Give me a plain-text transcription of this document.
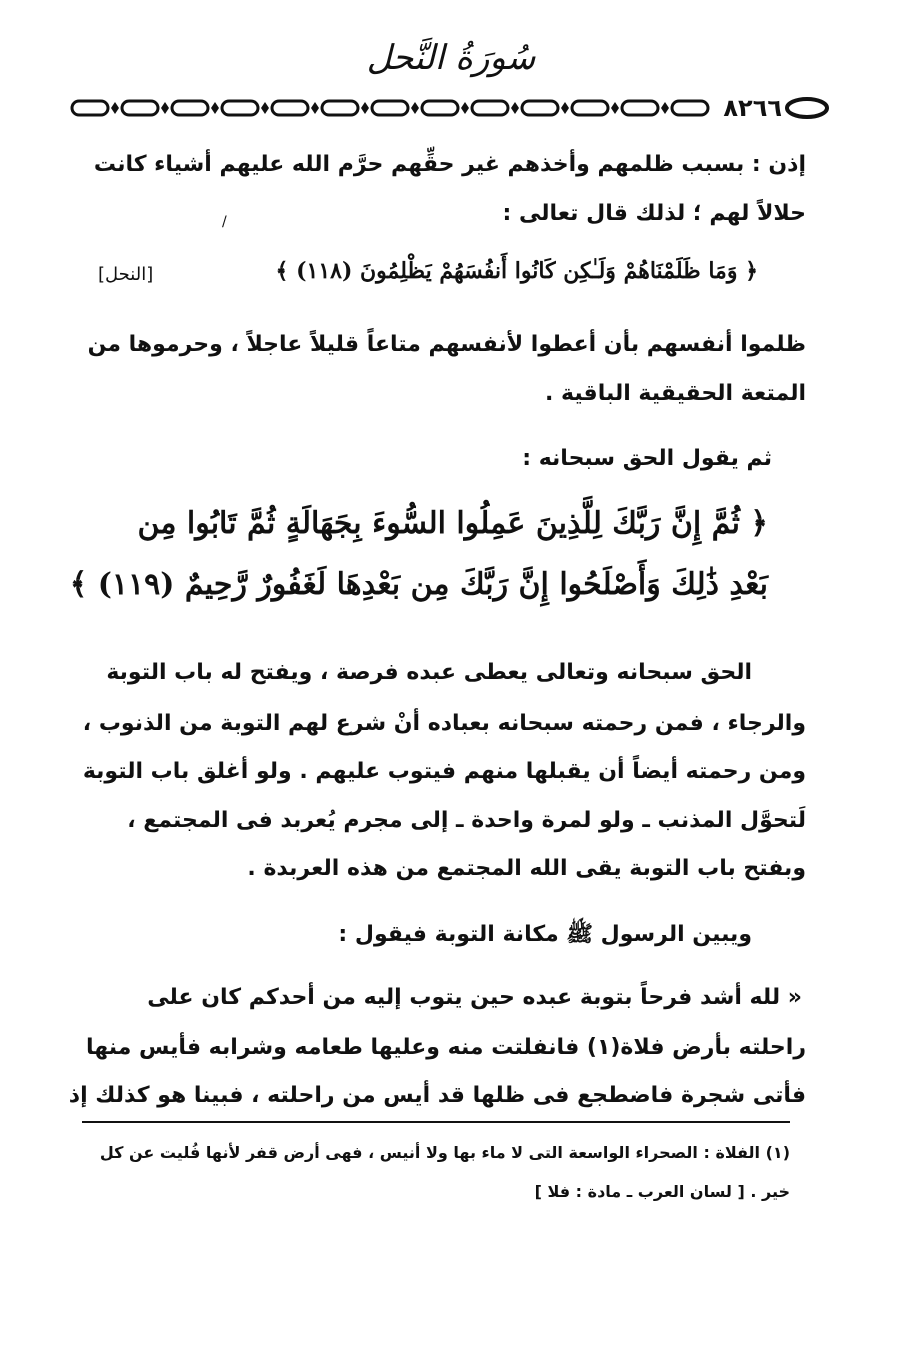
سُورَةُ النَّحل
٨٢٦٦
إذن : بسبب ظلمهم وأخذهم غير حقِّهم حرَّم الله عليهم أشياء كانت
حلالاً لهم ؛ لذلك قال تعالى :
/
﴿ وَمَا ظَلَمْنَاهُمْ وَلَـٰكِن كَانُوا أَنفُسَهُمْ يَظْلِمُونَ (١١٨) ﴾
[النحل]
ظلموا أنفسهم بأن أعطوا لأنفسهم متاعاً قليلاً عاجلاً ، وحرموها من
المتعة الحقيقية الباقية .
ثم يقول الحق سبحانه :
﴿ ثُمَّ إِنَّ رَبَّكَ لِلَّذِينَ عَمِلُوا السُّوءَ بِجَهَالَةٍ ثُمَّ تَابُوا مِن
بَعْدِ ذَٰلِكَ وَأَصْلَحُوا إِنَّ رَبَّكَ مِن بَعْدِهَا لَغَفُورٌ رَّحِيمٌ (١١٩) ﴾
الحق سبحانه وتعالى يعطى عبده فرصة ، ويفتح له باب التوبة
والرجاء ، فمن رحمته سبحانه بعباده أنْ شرع لهم التوبة من الذنوب ،
ومن رحمته أيضاً أن يقبلها منهم فيتوب عليهم . ولو أغلق باب التوبة
لَتحوَّل المذنب ـ ولو لمرة واحدة ـ إلى مجرم يُعربد فى المجتمع ،
وبفتح باب التوبة يقى الله المجتمع من هذه العربدة .
ويبين الرسول ﷺ مكانة التوبة فيقول :
« لله أشد فرحاً بتوبة عبده حين يتوب إليه من أحدكم كان على
راحلته بأرض فلاة(١) فانفلتت منه وعليها طعامه وشرابه فأيس منها
فأتى شجرة فاضطجع فى ظلها قد أيس من راحلته ، فبينا هو كذلك إذ
(١) الفلاة : الصحراء الواسعة التى لا ماء بها ولا أنيس ، فهى أرض قفر لأنها فُليت عن كل
خير . [ لسان العرب ـ مادة : فلا ]
